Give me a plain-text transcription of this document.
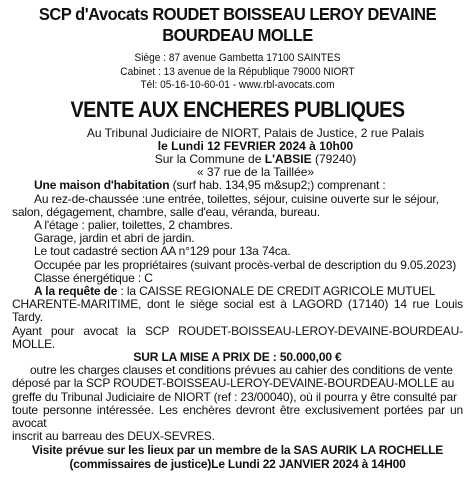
SCP d'Avocats ROUDET BOISSEAU LEROY DEVAINE
BOURDEAU MOLLE
Siège : 87 avenue Gambetta 17100 SAINTES
Cabinet : 13 avenue de la République 79000 NIORT
Tél: 05-16-10-60-01 - www.rbl-avocats.com
VENTE AUX ENCHERES PUBLIQUES
Au Tribunal Judiciaire de NIORT, Palais de Justice, 2 rue Palais
le Lundi 12 FEVRIER 2024 à 10h00
Sur la Commune de L'ABSIE (79240)
« 37 rue de la Taillée»
Une maison d'habitation (surf hab. 134,95 m&sup2;) comprenant :
Au rez-de-chaussée :une entrée, toilettes, séjour, cuisine ouverte sur le séjour,
salon, dégagement, chambre, salle d'eau, véranda, bureau.
A l'étage : palier, toilettes, 2 chambres.
Garage, jardin et abri de jardin.
Le tout cadastré section AA n°129 pour 13a 74ca.
Occupée par les propriétaires (suivant procès-verbal de description du 9.05.2023)
Classe énergétique : C
A la requête de : la CAISSE REGIONALE DE CREDIT AGRICOLE MUTUEL
CHARENTE-MARITIME, dont le siège social est à LAGORD (17140) 14 rue Louis Tardy.
Ayant pour avocat la SCP ROUDET-BOISSEAU-LEROY-DEVAINE-BOURDEAU-MOLLE.
SUR LA MISE A PRIX DE : 50.000,00 €
outre les charges clauses et conditions prévues au cahier des conditions de vente
déposé par la SCP ROUDET-BOISSEAU-LEROY-DEVAINE-BOURDEAU-MOLLE au
greffe du Tribunal Judiciaire de NIORT (ref : 23/00040), où il pourra y être consulté par
toute personne intéressée. Les enchères devront être exclusivement portées par un avocat
inscrit au barreau des DEUX-SEVRES.
Visite prévue sur les lieux par un membre de la SAS AURIK LA ROCHELLE
(commissaires de justice)Le Lundi 22 JANVIER 2024 à 14H00
